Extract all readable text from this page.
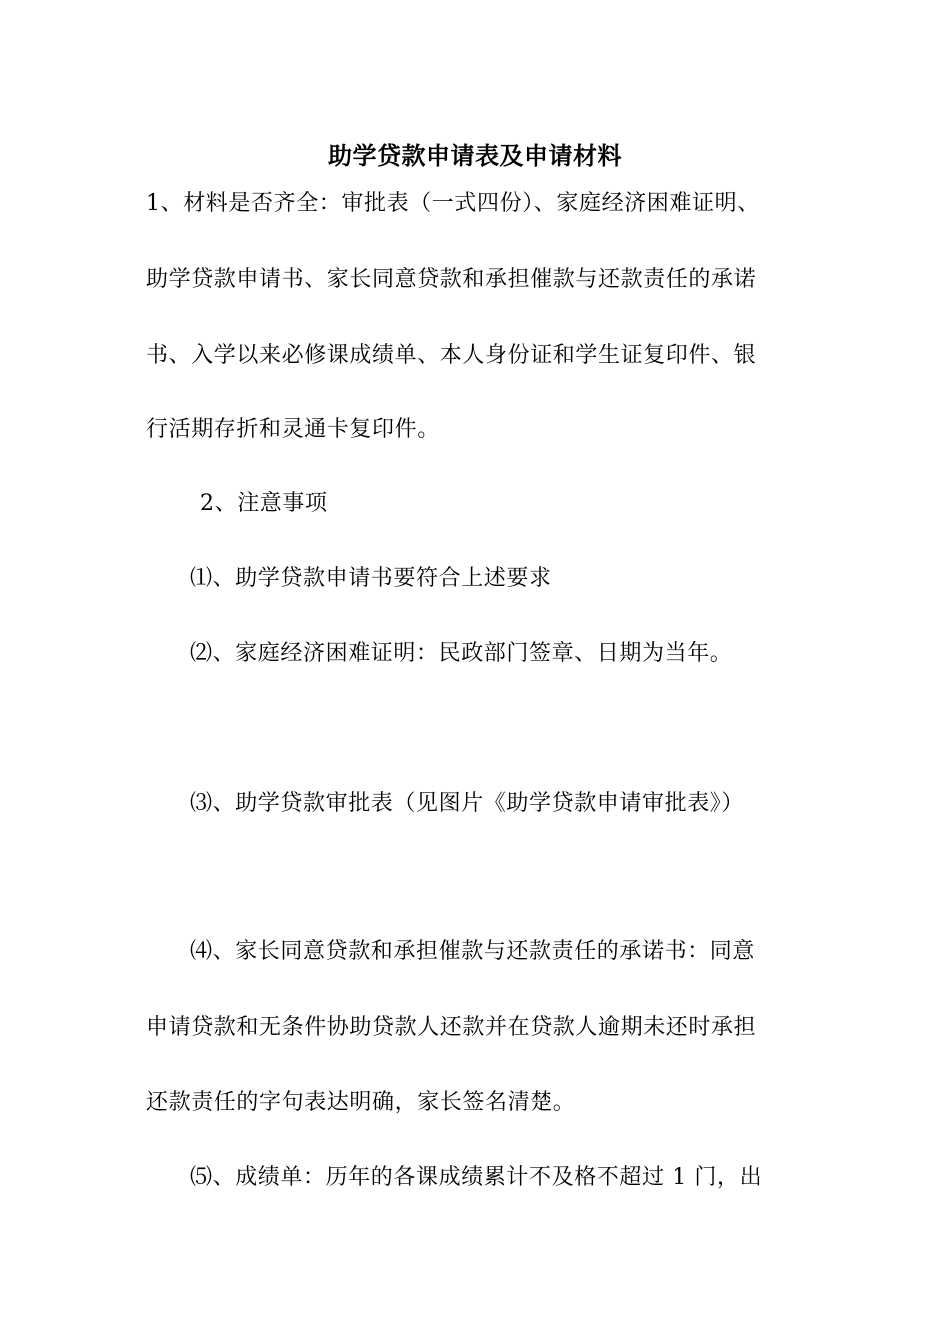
助学贷款申请表及申请材料
1、材料是否齐全：审批表（一式四份）、家庭经济困难证明、
助学贷款申请书、家长同意贷款和承担催款与还款责任的承诺
书、入学以来必修课成绩单、本人身份证和学生证复印件、银
行活期存折和灵通卡复印件。
2、注意事项
⑴、助学贷款申请书要符合上述要求
⑵、家庭经济困难证明：民政部门签章、日期为当年。
⑶、助学贷款审批表（见图片《助学贷款申请审批表》）
⑷、家长同意贷款和承担催款与还款责任的承诺书：同意
申请贷款和无条件协助贷款人还款并在贷款人逾期未还时承担
还款责任的字句表达明确，家长签名清楚。
⑸、成绩单：历年的各课成绩累计不及格不超过 1 门，出
